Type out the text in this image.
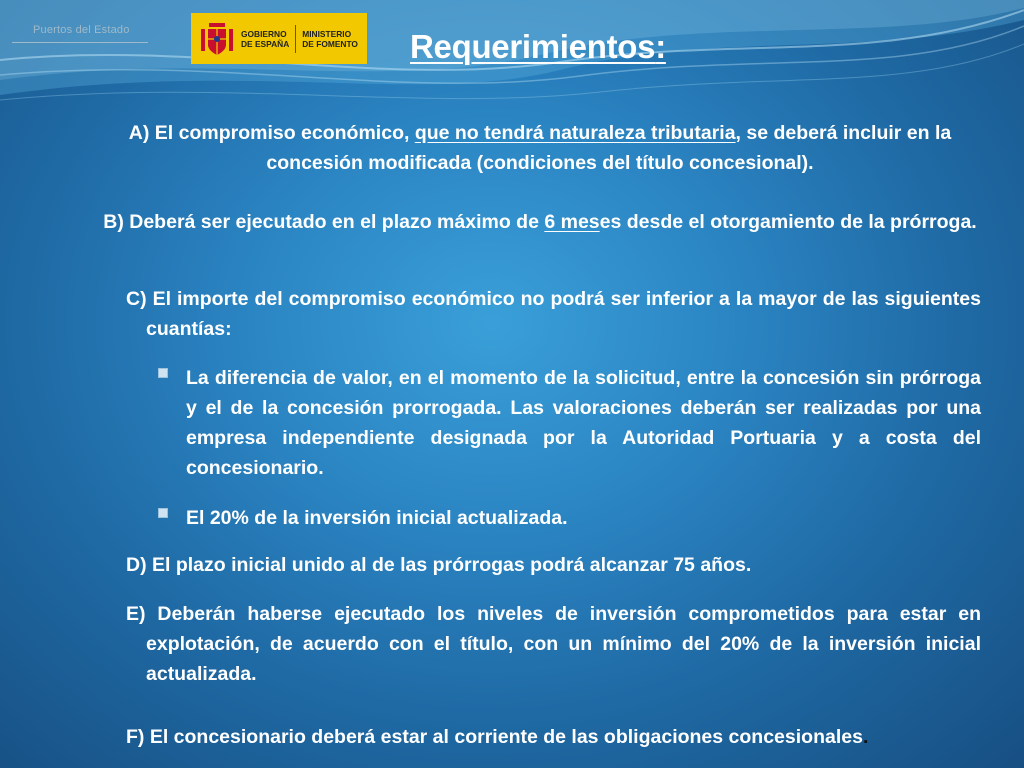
Puertos del Estado	GOBIERNO
DE ESPAÑA
MINISTERIO
DE FOMENTO Requerimientos:
A) El compromiso económico, que no tendrá naturaleza tributaria, se deberá incluir en la concesión modificada (condiciones del título concesional).
B) Deberá ser ejecutado en el plazo máximo de 6 meses desde el otorgamiento de la prórroga.
C) El importe del compromiso económico no podrá ser inferior a la mayor de las siguientes cuantías:
La diferencia de valor, en el momento de la solicitud, entre la concesión sin prórroga y el de la concesión prorrogada. Las valoraciones deberán ser realizadas por una empresa independiente designada por la Autoridad Portuaria y a costa del concesionario.
El 20% de la inversión inicial actualizada.
D) El plazo inicial unido al de las prórrogas podrá alcanzar 75 años.
E) Deberán haberse ejecutado los niveles de inversión comprometidos para estar en explotación, de acuerdo con el título, con un mínimo del 20% de la inversión inicial actualizada.
F) El concesionario deberá estar al corriente de las obligaciones concesionales.
